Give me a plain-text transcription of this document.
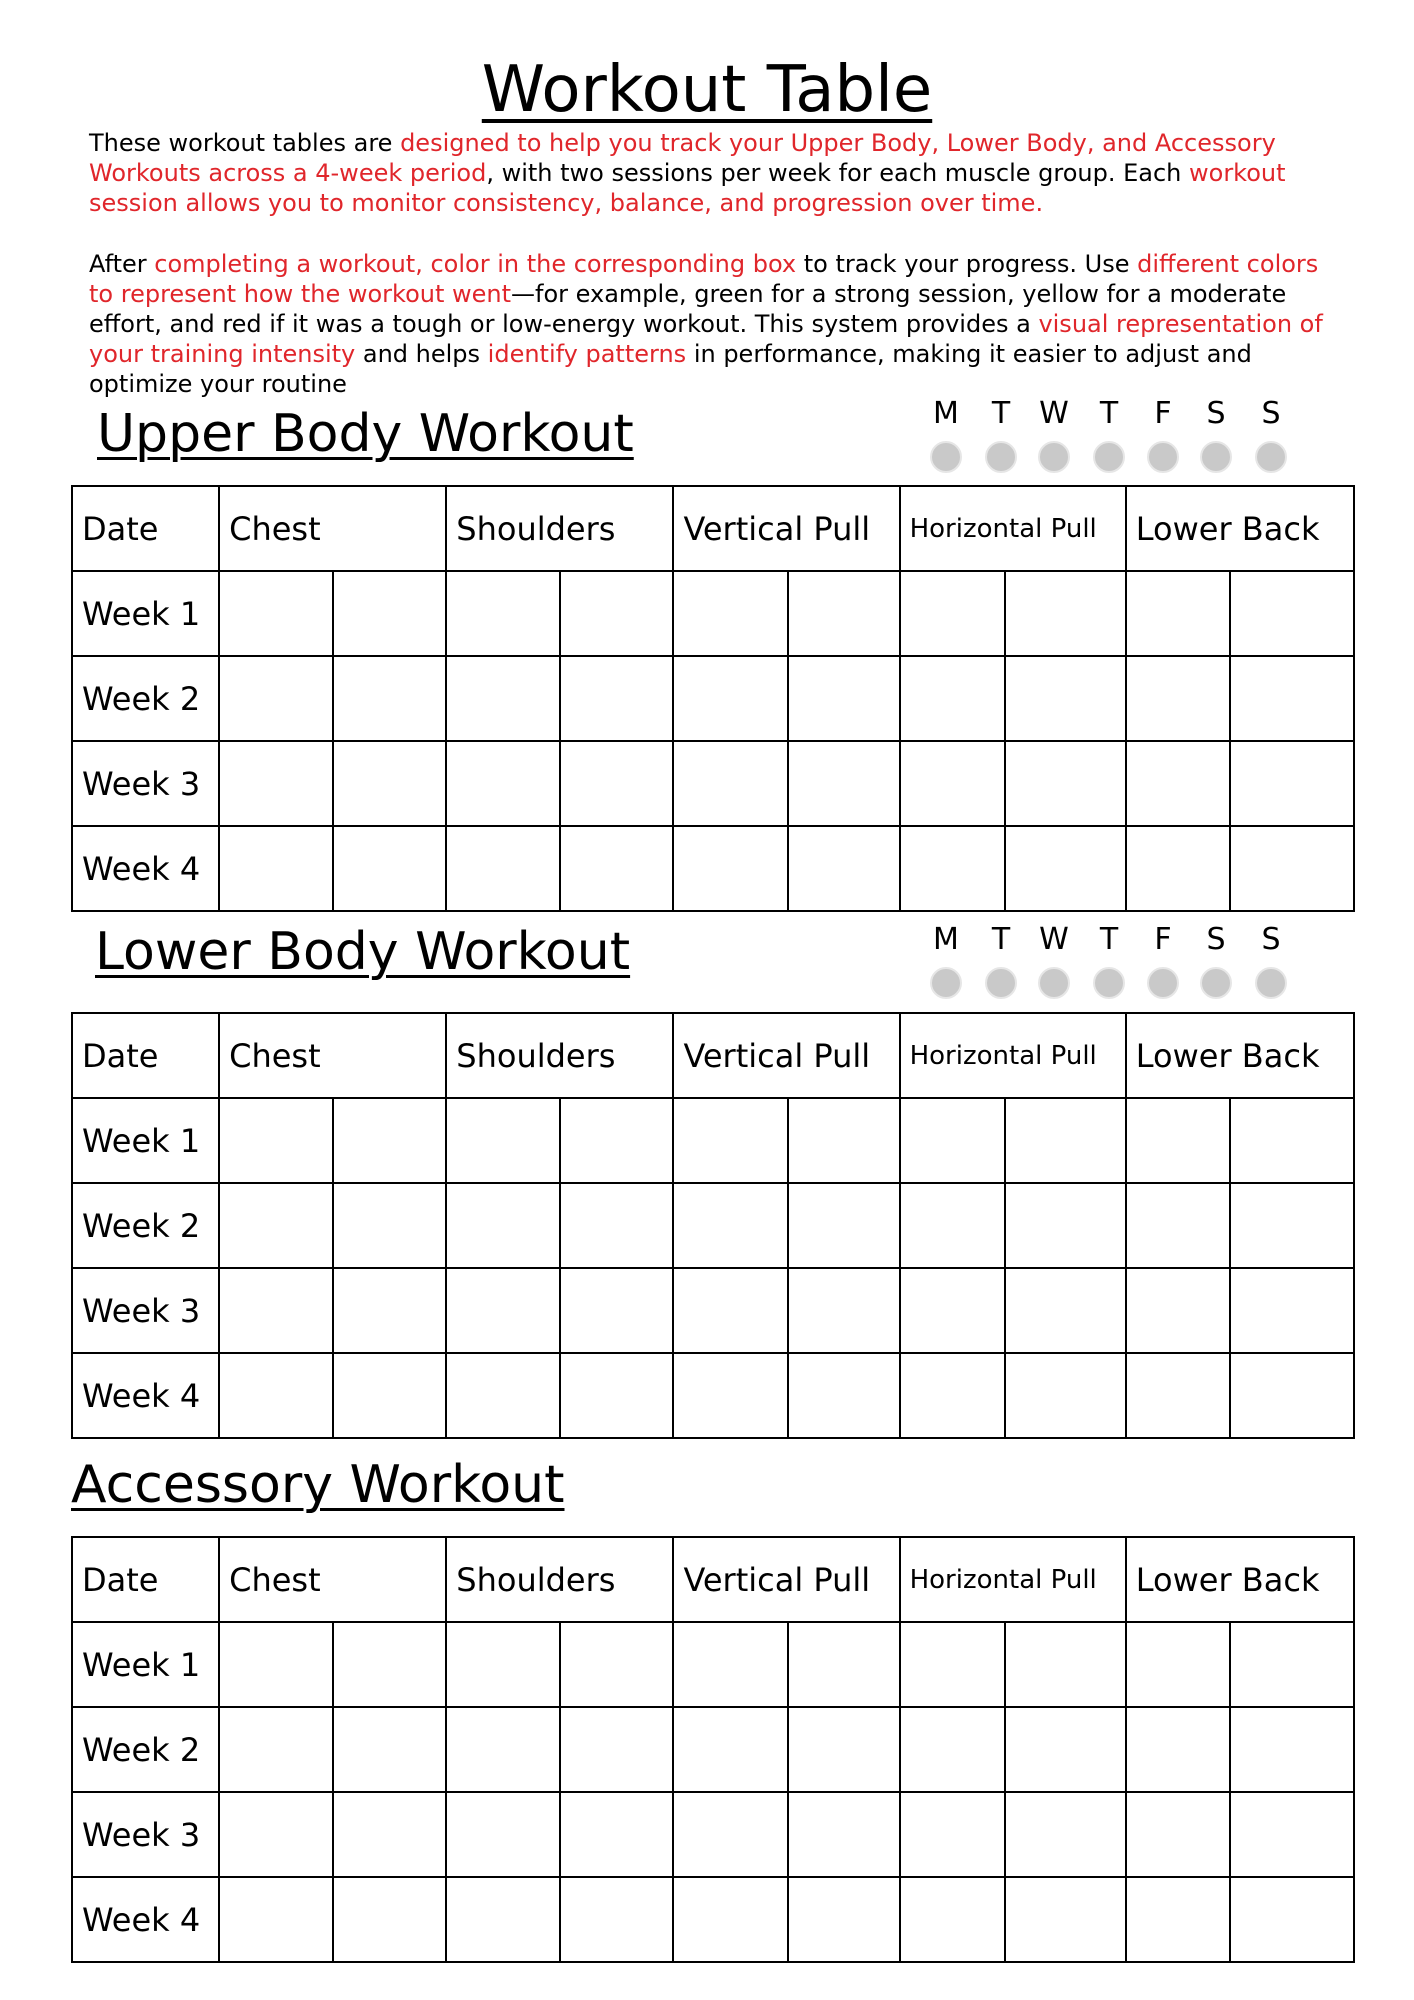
Workout Table
These workout tables are designed to help you track your Upper Body, Lower Body, and Accessory Workouts across a 4-week period, with two sessions per week for each muscle group. Each workout session allows you to monitor consistency, balance, and progression over time.
After completing a workout, color in the corresponding box to track your progress. Use different colors to represent how the workout went—for example, green for a strong session, yellow for a moderate effort, and red if it was a tough or low-energy workout. This system provides a visual representation of your training intensity and helps identify patterns in performance, making it easier to adjust and optimize your routine
Upper Body Workout	M	T W	T	F	S	S
Date	Chest		Shoulders		Vertical Pull		Horizontal Pull		Lower Back	
Week 1										
Week 2										
Week 3										
Week 4										
Lower Body Workout	M	T W	T	F	S	S
Date	Chest		Shoulders		Vertical Pull		Horizontal Pull		Lower Back	
Week 1										
Week 2										
Week 3										
Week 4										
Accessory Workout
Date	Chest		Shoulders		Vertical Pull		Horizontal Pull		Lower Back	
Week 1										
Week 2										
Week 3										
Week 4										
